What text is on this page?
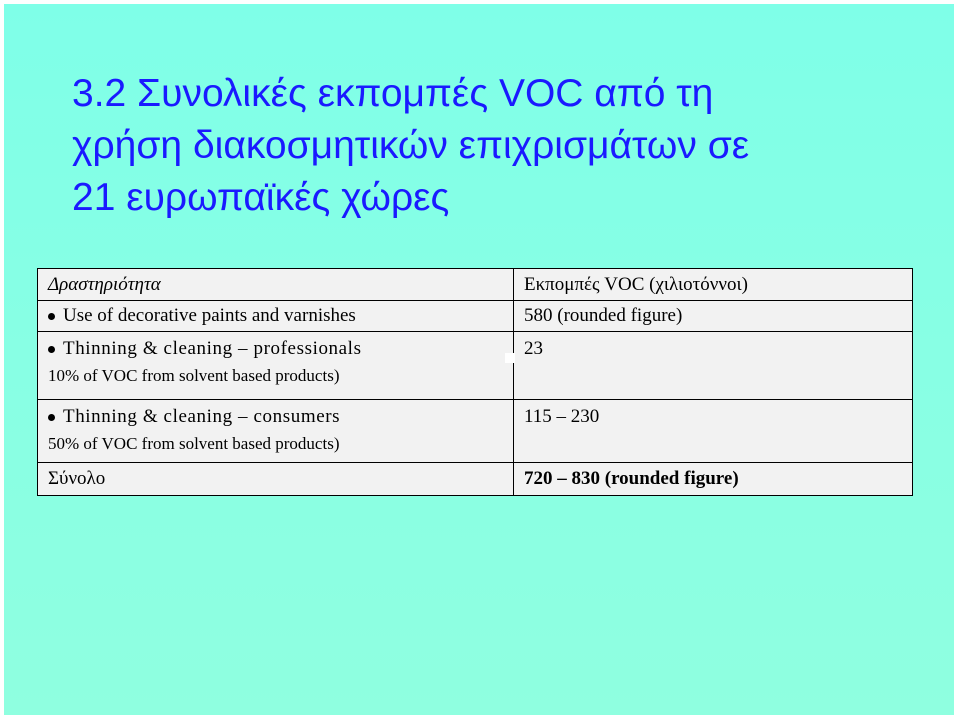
3.2 Συνολικές εκπομπές VOC από τη
χρήση διακοσμητικών επιχρισμάτων σε
21 ευρωπαϊκές χώρες
Δραστηριότητα	Εκπομπές VOC (χιλιοτόννοι)

Use of decorative paints and varnishes	580 (rounded figure)

Thinning & cleaning – professionals
10% of VOC from solvent based products)	23

Thinning & cleaning – consumers
50% of VOC from solvent based products)	115 – 230
Σύνολο	720 – 830 (rounded figure)
